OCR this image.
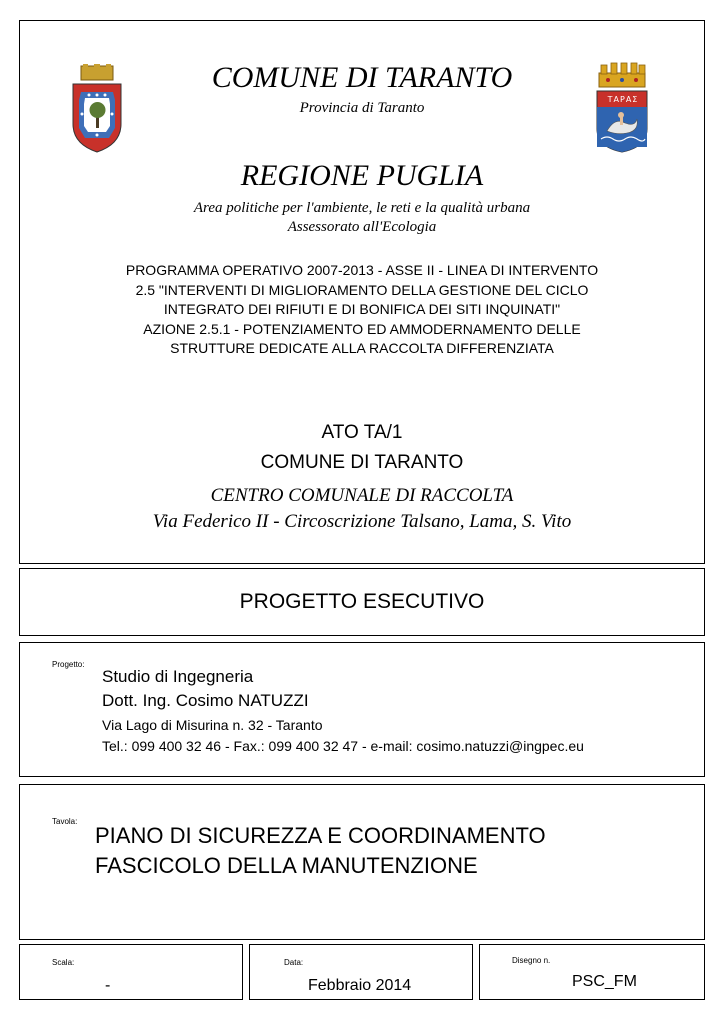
ΤΑΡΑΣ
COMUNE DI TARANTO
Provincia di Taranto
REGIONE PUGLIA
Area politiche per l'ambiente, le reti e la qualità urbana
Assessorato all'Ecologia
PROGRAMMA OPERATIVO 2007-2013 - ASSE II - LINEA DI INTERVENTO
2.5 "INTERVENTI DI MIGLIORAMENTO DELLA GESTIONE DEL CICLO
INTEGRATO DEI RIFIUTI E DI BONIFICA DEI SITI INQUINATI"
AZIONE 2.5.1 - POTENZIAMENTO ED AMMODERNAMENTO DELLE
STRUTTURE DEDICATE ALLA RACCOLTA DIFFERENZIATA
ATO TA/1
COMUNE DI TARANTO
CENTRO COMUNALE DI RACCOLTA
Via Federico II - Circoscrizione Talsano, Lama, S. Vito
PROGETTO ESECUTIVO
Progetto:
Studio di Ingegneria
Dott. Ing. Cosimo NATUZZI
Via Lago di Misurina n. 32 - Taranto
Tel.: 099 400 32 46 - Fax.: 099 400 32 47 - e-mail: cosimo.natuzzi@ingpec.eu
Tavola:
PIANO DI SICUREZZA E COORDINAMENTO
FASCICOLO DELLA MANUTENZIONE
Scala:
-
Data:
Febbraio 2014
Disegno n.
PSC_FM
